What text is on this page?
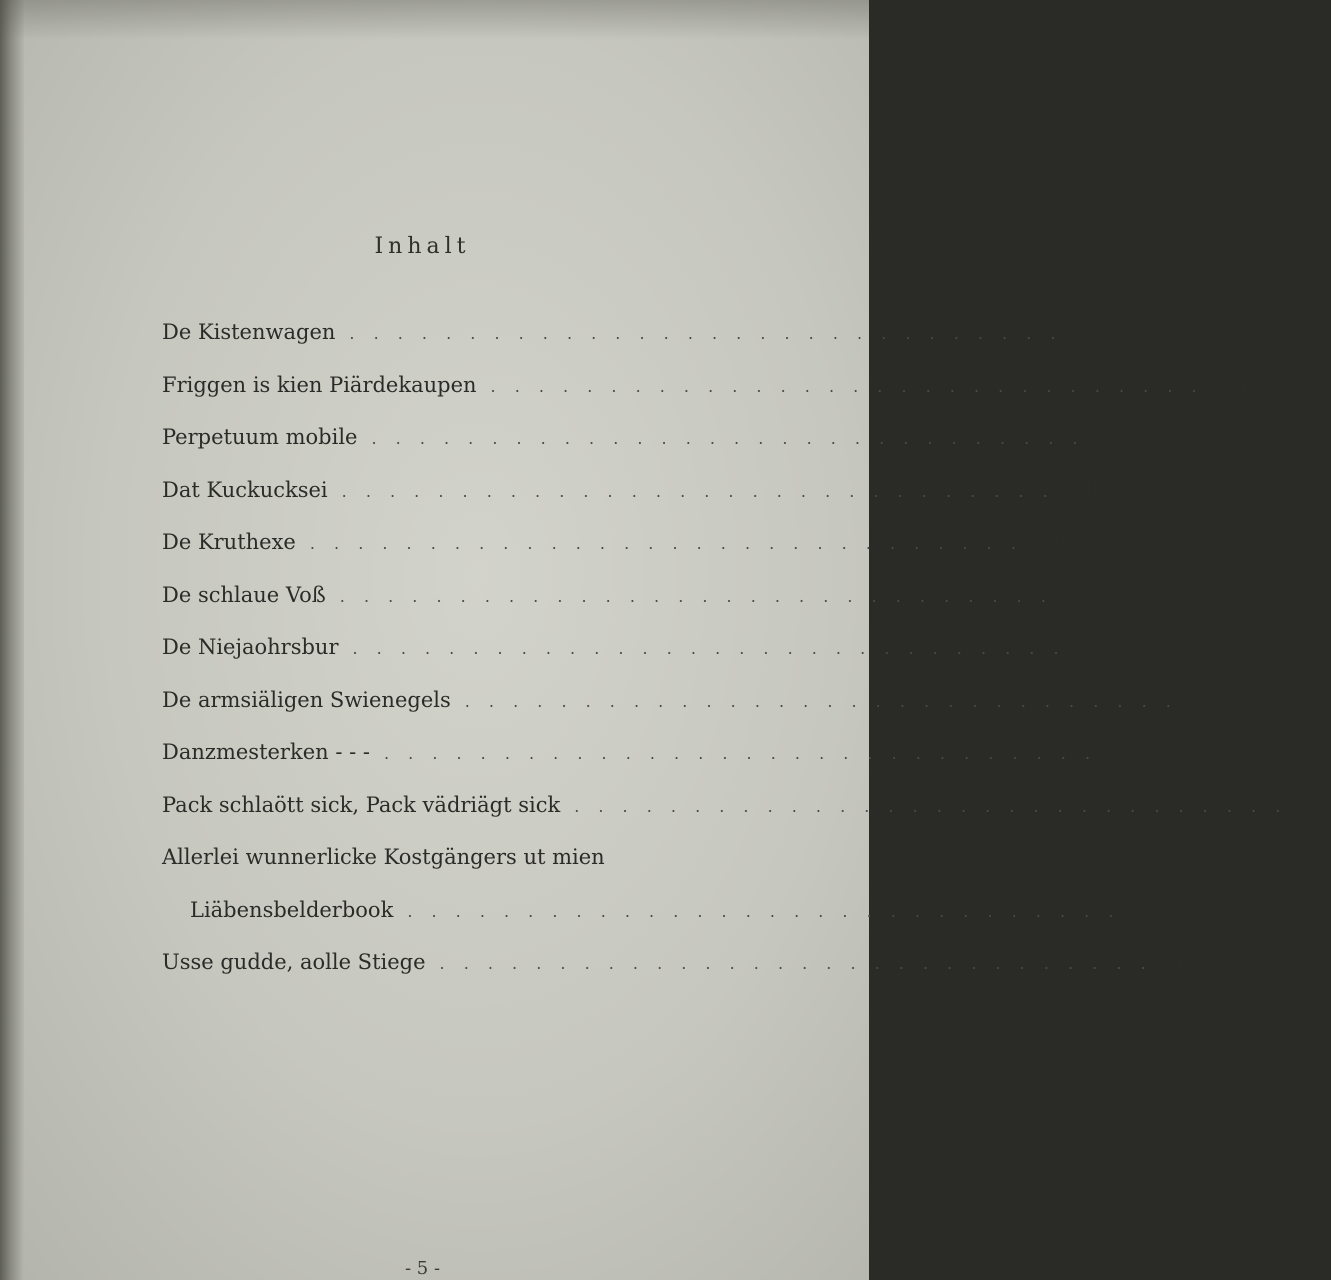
Inhalt
De Kistenwagen . . . . . . . . . . . . . . . . . . . . . . . . . . . . . .	7
Friggen is kien Piärdekaupen . . . . . . . . . . . . . . . . . . . . . . . . . . . . . . 16
Perpetuum mobile . . . . . . . . . . . . . . . . . . . . . . . . . . . . . . 24
Dat Kuckucksei . . . . . . . . . . . . . . . . . . . . . . . . . . . . . . 30
De Kruthexe . . . . . . . . . . . . . . . . . . . . . . . . . . . . . . 39
De schlaue Voß . . . . . . . . . . . . . . . . . . . . . . . . . . . . . . 48
De Niejaohrsbur . . . . . . . . . . . . . . . . . . . . . . . . . . . . . . 58
De armsiäligen Swienegels . . . . . . . . . . . . . . . . . . . . . . . . . . . . . . 64
Danzmesterken - - - . . . . . . . . . . . . . . . . . . . . . . . . . . . . . . 71
Pack schlaött sick, Pack vädriägt sick . . . . . . . . . . . . . . . . . . . . . . . . . . . . . . 77
Allerlei wunnerlicke Kostgängers ut mien
Liäbensbelderbook . . . . . . . . . . . . . . . . . . . . . . . . . . . . . . 88
Usse gudde, aolle Stiege . . . . . . . . . . . . . . . . . . . . . . . . . . . . . . 97
- 5 -
